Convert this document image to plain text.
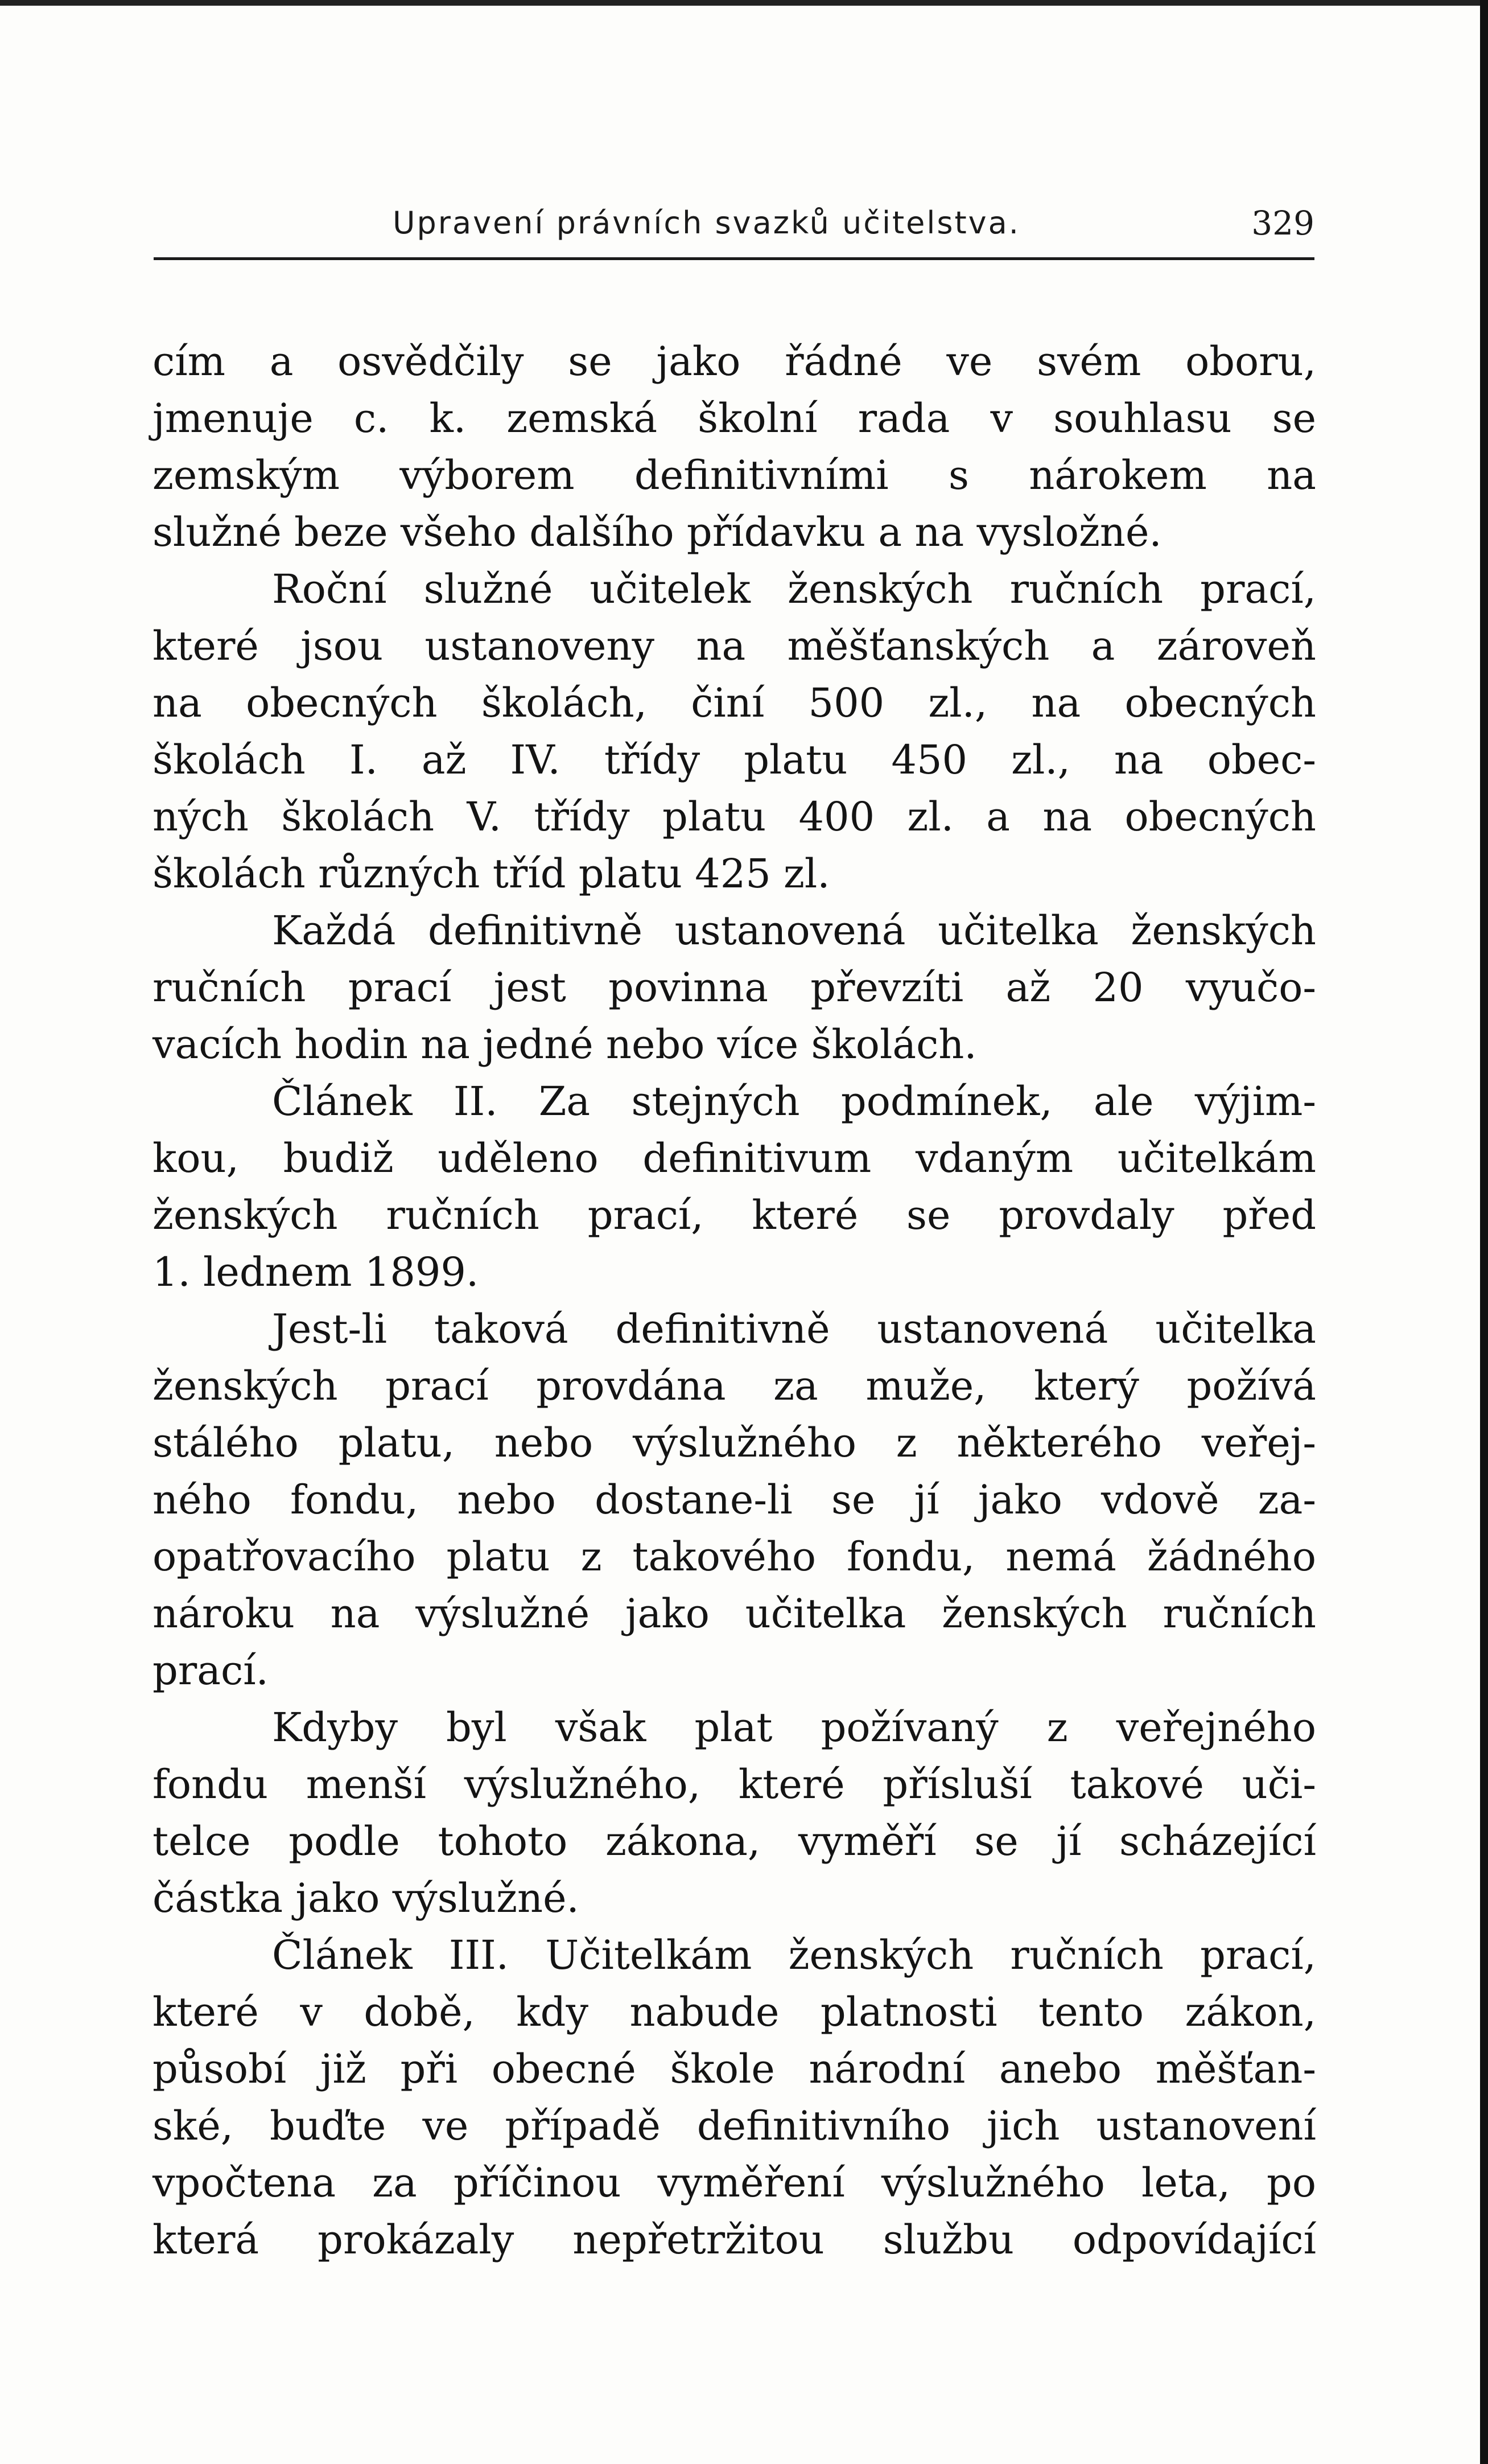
Upravení právních svazků učitelstva.	329
cím a osvědčily se jako řádné ve svém oboru,
jmenuje c. k. zemská školní rada v souhlasu se
zemským výborem definitivními s nárokem na
služné beze všeho dalšího přídavku a na vysložné.
Roční služné učitelek ženských ručních prací,
které jsou ustanoveny na měšťanských a zároveň
na obecných školách, činí 500 zl., na obecných
školách I. až IV. třídy platu 450 zl., na obec-
ných školách V. třídy platu 400 zl. a na obecných
školách různých tříd platu 425 zl.
Každá definitivně ustanovená učitelka ženských
ručních prací jest povinna převzíti až 20 vyučo-
vacích hodin na jedné nebo více školách.
Článek II. Za stejných podmínek, ale výjim-
kou, budiž uděleno definitivum vdaným učitelkám
ženských ručních prací, které se provdaly před
1. lednem 1899.
Jest-li taková definitivně ustanovená učitelka
ženských prací provdána za muže, který požívá
stálého platu, nebo výslužného z některého veřej-
ného fondu, nebo dostane-li se jí jako vdově za-
opatřovacího platu z takového fondu, nemá žádného
nároku na výslužné jako učitelka ženských ručních
prací.
Kdyby byl však plat požívaný z veřejného
fondu menší výslužného, které přísluší takové uči-
telce podle tohoto zákona, vyměří se jí scházející
částka jako výslužné.
Článek III. Učitelkám ženských ručních prací,
které v době, kdy nabude platnosti tento zákon,
působí již při obecné škole národní anebo měšťan-
ské, buďte ve případě definitivního jich ustanovení
vpočtena za příčinou vyměření výslužného leta, po
která prokázaly nepřetržitou službu odpovídající
